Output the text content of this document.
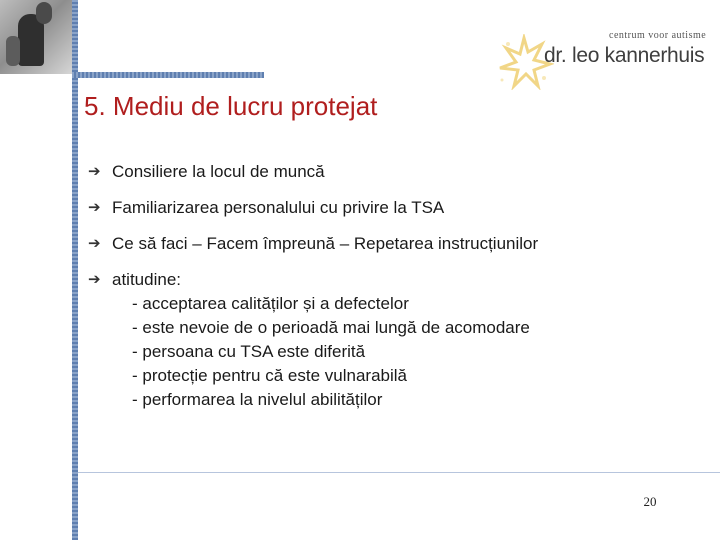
centrum voor autisme
dr. leo kannerhuis
5. Mediu de lucru protejat
➔ Consiliere la locul de muncă
➔ Familiarizarea personalului cu privire la TSA
➔ Ce să faci – Facem împreună – Repetarea instrucțiunilor
➔ atitudine:
- acceptarea calităților și a defectelor
- este nevoie de o perioadă mai lungă de acomodare
- persoana cu TSA este diferită
- protecție pentru că este vulnarabilă
- performarea la nivelul abilităților
20
